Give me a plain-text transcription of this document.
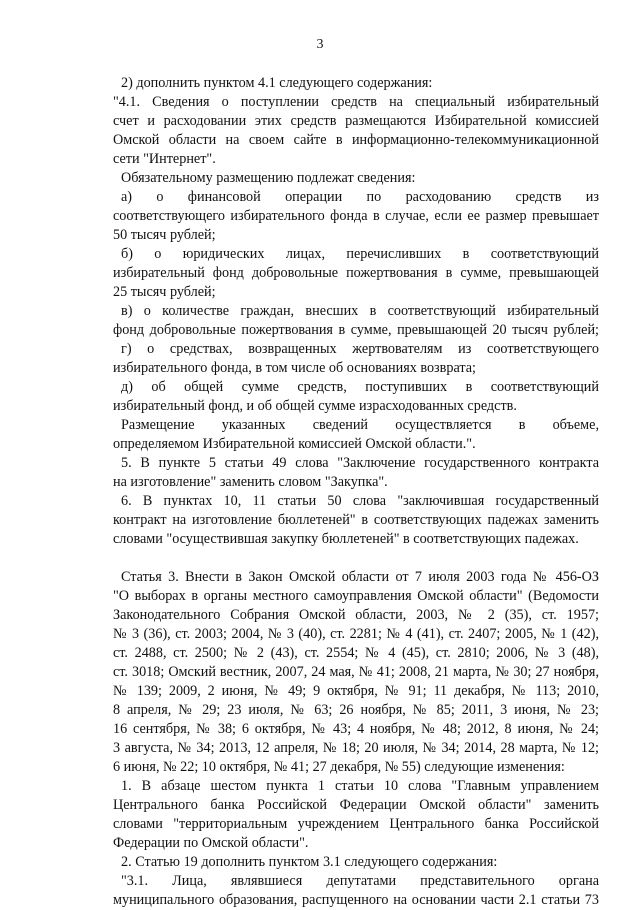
3
2) дополнить пунктом 4.1 следующего содержания:
"4.1. Сведения о поступлении средств на специальный избирательный
счет и расходовании этих средств размещаются Избирательной комиссией
Омской области на своем сайте в информационно-телекоммуникационной
сети "Интернет".
Обязательному размещению подлежат сведения:
а) о финансовой операции по расходованию средств из
соответствующего избирательного фонда в случае, если ее размер превышает
50 тысяч рублей;
б) о юридических лицах, перечисливших в соответствующий
избирательный фонд добровольные пожертвования в сумме, превышающей
25 тысяч рублей;
в) о количестве граждан, внесших в соответствующий избирательный
фонд добровольные пожертвования в сумме, превышающей 20 тысяч рублей;
г) о средствах, возвращенных жертвователям из соответствующего
избирательного фонда, в том числе об основаниях возврата;
д) об общей сумме средств, поступивших в соответствующий
избирательный фонд, и об общей сумме израсходованных средств.
Размещение указанных сведений осуществляется в объеме,
определяемом Избирательной комиссией Омской области.".
5. В пункте 5 статьи 49 слова "Заключение государственного контракта
на изготовление" заменить словом "Закупка".
6. В пунктах 10, 11 статьи 50 слова "заключившая государственный
контракт на изготовление бюллетеней" в соответствующих падежах заменить
словами "осуществившая закупку бюллетеней" в соответствующих падежах.
Статья 3. Внести в Закон Омской области от 7 июля 2003 года № 456-ОЗ
"О выборах в органы местного самоуправления Омской области" (Ведомости
Законодательного Собрания Омской области, 2003, № 2 (35), ст. 1957;
№ 3 (36), ст. 2003; 2004, № 3 (40), ст. 2281; № 4 (41), ст. 2407; 2005, № 1 (42),
ст. 2488, ст. 2500; № 2 (43), ст. 2554; № 4 (45), ст. 2810; 2006, № 3 (48),
ст. 3018; Омский вестник, 2007, 24 мая, № 41; 2008, 21 марта, № 30; 27 ноября,
№ 139; 2009, 2 июня, № 49; 9 октября, № 91; 11 декабря, № 113; 2010,
8 апреля, № 29; 23 июля, № 63; 26 ноября, № 85; 2011, 3 июня, № 23;
16 сентября, № 38; 6 октября, № 43; 4 ноября, № 48; 2012, 8 июня, № 24;
3 августа, № 34; 2013, 12 апреля, № 18; 20 июля, № 34; 2014, 28 марта, № 12;
6 июня, № 22; 10 октября, № 41; 27 декабря, № 55) следующие изменения:
1. В абзаце шестом пункта 1 статьи 10 слова "Главным управлением
Центрального банка Российской Федерации Омской области" заменить
словами "территориальным учреждением Центрального банка Российской
Федерации по Омской области".
2. Статью 19 дополнить пунктом 3.1 следующего содержания:
"3.1. Лица, являвшиеся депутатами представительного органа
муниципального образования, распущенного на основании части 2.1 статьи 73
